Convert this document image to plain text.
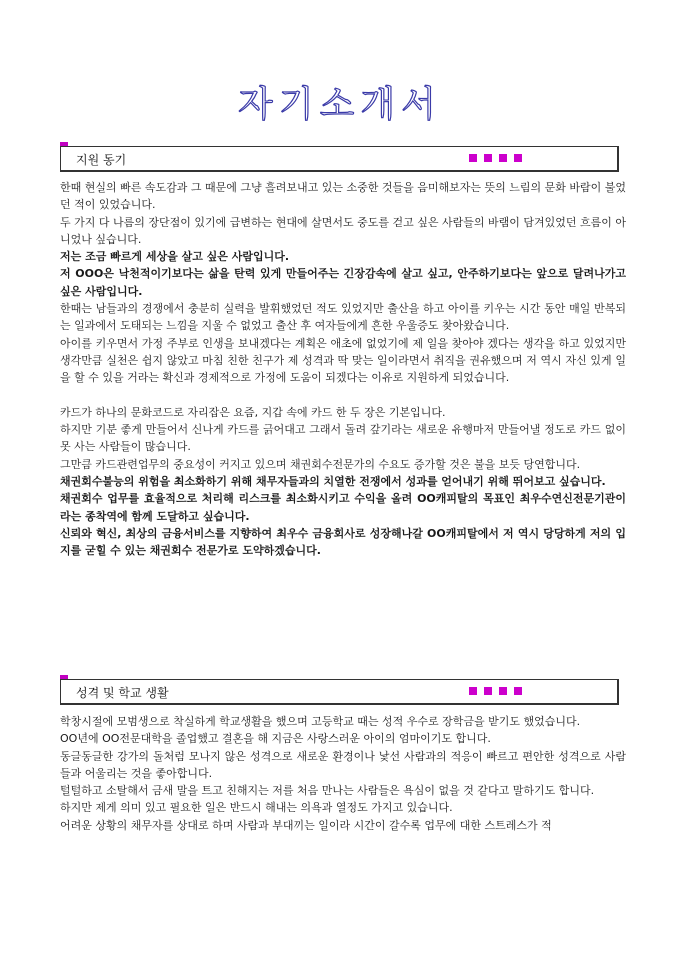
자기소개서
지원 동기

한때 현실의 빠른 속도감과 그 때문에 그냥 흘려보내고 있는 소중한 것들을 음미해보자는 뜻의 느림의 문화 바람이 불었던 적이 있었습니다.

두 가지 다 나름의 장단점이 있기에 급변하는 현대에 살면서도 중도를 걷고 싶은 사람들의 바램이 담겨있었던 흐름이 아니었나 싶습니다.

저는 조금 빠르게 세상을 살고 싶은 사람입니다.

저 OOO은 낙천적이기보다는 삶을 탄력 있게 만들어주는 긴장감속에 살고 싶고, 안주하기보다는 앞으로 달려나가고 싶은 사람입니다.

한때는 남들과의 경쟁에서 충분히 실력을 발휘했었던 적도 있었지만 출산을 하고 아이를 키우는 시간 동안 매일 반복되는 일과에서 도태되는 느낌을 지울 수 없었고 출산 후 여자들에게 흔한 우울증도 찾아왔습니다.

아이를 키우면서 가정 주부로 인생을 보내겠다는 계획은 애초에 없었기에 제 일을 찾아야 겠다는 생각을 하고 있었지만 생각만큼 실천은 쉽지 않았고 마침 친한 친구가 제 성격과 딱 맞는 일이라면서 취직을 권유했으며 저 역시 자신 있게 일을 할 수 있을 거라는 확신과 경제적으로 가정에 도움이 되겠다는 이유로 지원하게 되었습니다.

카드가 하나의 문화코드로 자리잡은 요즘, 지갑 속에 카드 한 두 장은 기본입니다.

하지만 기분 좋게 만들어서 신나게 카드를 긁어대고 그래서 돌려 갚기라는 새로운 유행마저 만들어낼 정도로 카드 없이 못 사는 사람들이 많습니다.

그만큼 카드관련업무의 중요성이 커지고 있으며 채권회수전문가의 수요도 증가할 것은 불을 보듯 당연합니다.

채권회수불능의 위험을 최소화하기 위해 채무자들과의 치열한 전쟁에서 성과를 얻어내기 위해 뛰어보고 싶습니다.

채권회수 업무를 효율적으로 처리해 리스크를 최소화시키고 수익을 올려 OO캐피탈의 목표인 최우수연신전문기관이라는 종착역에 함께 도달하고 싶습니다.

신뢰와 혁신, 최상의 금융서비스를 지향하여 최우수 금융회사로 성장해나갈 OO캐피탈에서 저 역시 당당하게 저의 입지를 굳힐 수 있는 채권회수 전문가로 도약하겠습니다.

성격 및 학교 생활

학창시절에 모범생으로 착실하게 학교생활을 했으며 고등학교 때는 성적 우수로 장학금을 받기도 했었습니다.

OO년에 OO전문대학을 졸업했고 결혼을 해 지금은 사랑스러운 아이의 엄마이기도 합니다.

동글동글한 강가의 돌처럼 모나지 않은 성격으로 새로운 환경이나 낯선 사람과의 적응이 빠르고 편안한 성격으로 사람들과 어울리는 것을 좋아합니다.

털털하고 소탈해서 금새 말을 트고 친해지는 저를 처음 만나는 사람들은 욕심이 없을 것 같다고 말하기도 합니다.

하지만 제게 의미 있고 필요한 일은 반드시 해내는 의욕과 열정도 가지고 있습니다.

어려운 상황의 채무자를 상대로 하며 사람과 부대끼는 일이라 시간이 갈수록 업무에 대한 스트레스가 적
